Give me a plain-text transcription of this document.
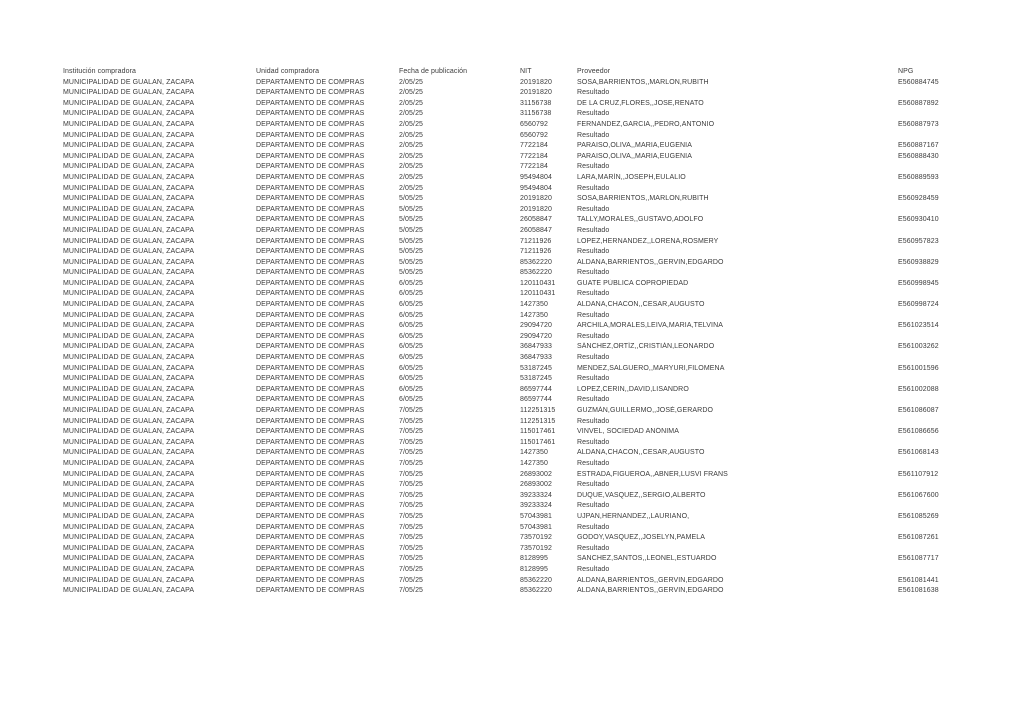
Institución compradora	Unidad compradora	Fecha de publicación	NIT	Proveedor	NPG
MUNICIPALIDAD DE GUALAN, ZACAPA	DEPARTAMENTO DE COMPRAS	2/05/25	20191820	SOSA,BARRIENTOS,,MARLON,RUBITH	E560884745
MUNICIPALIDAD DE GUALAN, ZACAPA	DEPARTAMENTO DE COMPRAS	2/05/25	20191820	Resultado
MUNICIPALIDAD DE GUALAN, ZACAPA	DEPARTAMENTO DE COMPRAS	2/05/25	31156738	DE LA CRUZ,FLORES,,JOSE,RENATO	E560887892
MUNICIPALIDAD DE GUALAN, ZACAPA	DEPARTAMENTO DE COMPRAS	2/05/25	31156738	Resultado
MUNICIPALIDAD DE GUALAN, ZACAPA	DEPARTAMENTO DE COMPRAS	2/05/25	6560792	FERNANDEZ,GARCIA,,PEDRO,ANTONIO	E560887973
MUNICIPALIDAD DE GUALAN, ZACAPA	DEPARTAMENTO DE COMPRAS	2/05/25	6560792	Resultado
MUNICIPALIDAD DE GUALAN, ZACAPA	DEPARTAMENTO DE COMPRAS	2/05/25	7722184	PARAISO,OLIVA,,MARIA,EUGENIA	E560887167
MUNICIPALIDAD DE GUALAN, ZACAPA	DEPARTAMENTO DE COMPRAS	2/05/25	7722184	PARAISO,OLIVA,,MARIA,EUGENIA	E560888430
MUNICIPALIDAD DE GUALAN, ZACAPA	DEPARTAMENTO DE COMPRAS	2/05/25	7722184	Resultado
MUNICIPALIDAD DE GUALAN, ZACAPA	DEPARTAMENTO DE COMPRAS	2/05/25	95494804	LARA,MARÍN,,JOSEPH,EULALIO	E560889593
MUNICIPALIDAD DE GUALAN, ZACAPA	DEPARTAMENTO DE COMPRAS	2/05/25	95494804	Resultado
MUNICIPALIDAD DE GUALAN, ZACAPA	DEPARTAMENTO DE COMPRAS	5/05/25	20191820	SOSA,BARRIENTOS,,MARLON,RUBITH	E560928459
MUNICIPALIDAD DE GUALAN, ZACAPA	DEPARTAMENTO DE COMPRAS	5/05/25	20191820	Resultado
MUNICIPALIDAD DE GUALAN, ZACAPA	DEPARTAMENTO DE COMPRAS	5/05/25	26058847	TALLY,MORALES,,GUSTAVO,ADOLFO	E560930410
MUNICIPALIDAD DE GUALAN, ZACAPA	DEPARTAMENTO DE COMPRAS	5/05/25	26058847	Resultado
MUNICIPALIDAD DE GUALAN, ZACAPA	DEPARTAMENTO DE COMPRAS	5/05/25	71211926	LOPEZ,HERNANDEZ,,LORENA,ROSMERY	E560957823
MUNICIPALIDAD DE GUALAN, ZACAPA	DEPARTAMENTO DE COMPRAS	5/05/25	71211926	Resultado
MUNICIPALIDAD DE GUALAN, ZACAPA	DEPARTAMENTO DE COMPRAS	5/05/25	85362220	ALDANA,BARRIENTOS,,GERVIN,EDGARDO	E560938829
MUNICIPALIDAD DE GUALAN, ZACAPA	DEPARTAMENTO DE COMPRAS	5/05/25	85362220	Resultado
MUNICIPALIDAD DE GUALAN, ZACAPA	DEPARTAMENTO DE COMPRAS	6/05/25	120110431	GUATE PÚBLICA COPROPIEDAD	E560998945
MUNICIPALIDAD DE GUALAN, ZACAPA	DEPARTAMENTO DE COMPRAS	6/05/25	120110431	Resultado
MUNICIPALIDAD DE GUALAN, ZACAPA	DEPARTAMENTO DE COMPRAS	6/05/25	1427350	ALDANA,CHACON,,CESAR,AUGUSTO	E560998724
MUNICIPALIDAD DE GUALAN, ZACAPA	DEPARTAMENTO DE COMPRAS	6/05/25	1427350	Resultado
MUNICIPALIDAD DE GUALAN, ZACAPA	DEPARTAMENTO DE COMPRAS	6/05/25	29094720	ARCHILA,MORALES,LEIVA,MARIA,TELVINA	E561023514
MUNICIPALIDAD DE GUALAN, ZACAPA	DEPARTAMENTO DE COMPRAS	6/05/25	29094720	Resultado
MUNICIPALIDAD DE GUALAN, ZACAPA	DEPARTAMENTO DE COMPRAS	6/05/25	36847933	SÁNCHEZ,ORTÍZ,,CRISTIÁN,LEONARDO	E561003262
MUNICIPALIDAD DE GUALAN, ZACAPA	DEPARTAMENTO DE COMPRAS	6/05/25	36847933	Resultado
MUNICIPALIDAD DE GUALAN, ZACAPA	DEPARTAMENTO DE COMPRAS	6/05/25	53187245	MENDEZ,SALGUERO,,MARYURI,FILOMENA	E561001596
MUNICIPALIDAD DE GUALAN, ZACAPA	DEPARTAMENTO DE COMPRAS	6/05/25	53187245	Resultado
MUNICIPALIDAD DE GUALAN, ZACAPA	DEPARTAMENTO DE COMPRAS	6/05/25	86597744	LOPEZ,CERIN,,DAVID,LISANDRO	E561002088
MUNICIPALIDAD DE GUALAN, ZACAPA	DEPARTAMENTO DE COMPRAS	6/05/25	86597744	Resultado
MUNICIPALIDAD DE GUALAN, ZACAPA	DEPARTAMENTO DE COMPRAS	7/05/25	112251315	GUZMÁN,GUILLERMO,,JOSÉ,GERARDO	E561086087
MUNICIPALIDAD DE GUALAN, ZACAPA	DEPARTAMENTO DE COMPRAS	7/05/25	112251315	Resultado
MUNICIPALIDAD DE GUALAN, ZACAPA	DEPARTAMENTO DE COMPRAS	7/05/25	115017461	VINVEL, SOCIEDAD ANÓNIMA	E561086656
MUNICIPALIDAD DE GUALAN, ZACAPA	DEPARTAMENTO DE COMPRAS	7/05/25	115017461	Resultado
MUNICIPALIDAD DE GUALAN, ZACAPA	DEPARTAMENTO DE COMPRAS	7/05/25	1427350	ALDANA,CHACON,,CESAR,AUGUSTO	E561068143
MUNICIPALIDAD DE GUALAN, ZACAPA	DEPARTAMENTO DE COMPRAS	7/05/25	1427350	Resultado
MUNICIPALIDAD DE GUALAN, ZACAPA	DEPARTAMENTO DE COMPRAS	7/05/25	26893002	ESTRADA,FIGUEROA,,ABNER,LUSVI FRANS	E561107912
MUNICIPALIDAD DE GUALAN, ZACAPA	DEPARTAMENTO DE COMPRAS	7/05/25	26893002	Resultado
MUNICIPALIDAD DE GUALAN, ZACAPA	DEPARTAMENTO DE COMPRAS	7/05/25	39233324	DUQUE,VASQUEZ,,SERGIO,ALBERTO	E561067600
MUNICIPALIDAD DE GUALAN, ZACAPA	DEPARTAMENTO DE COMPRAS	7/05/25	39233324	Resultado
MUNICIPALIDAD DE GUALAN, ZACAPA	DEPARTAMENTO DE COMPRAS	7/05/25	57043981	UJPAN,HERNANDEZ,,LAURIANO,	E561085269
MUNICIPALIDAD DE GUALAN, ZACAPA	DEPARTAMENTO DE COMPRAS	7/05/25	57043981	Resultado
MUNICIPALIDAD DE GUALAN, ZACAPA	DEPARTAMENTO DE COMPRAS	7/05/25	73570192	GODOY,VASQUEZ,,JOSELYN,PAMELA	E561087261
MUNICIPALIDAD DE GUALAN, ZACAPA	DEPARTAMENTO DE COMPRAS	7/05/25	73570192	Resultado
MUNICIPALIDAD DE GUALAN, ZACAPA	DEPARTAMENTO DE COMPRAS	7/05/25	8128995	SANCHEZ,SANTOS,,LEONEL,ESTUARDO	E561087717
MUNICIPALIDAD DE GUALAN, ZACAPA	DEPARTAMENTO DE COMPRAS	7/05/25	8128995	Resultado
MUNICIPALIDAD DE GUALAN, ZACAPA	DEPARTAMENTO DE COMPRAS	7/05/25	85362220	ALDANA,BARRIENTOS,,GERVIN,EDGARDO	E561081441
MUNICIPALIDAD DE GUALAN, ZACAPA	DEPARTAMENTO DE COMPRAS	7/05/25	85362220	ALDANA,BARRIENTOS,,GERVIN,EDGARDO	E561081638
